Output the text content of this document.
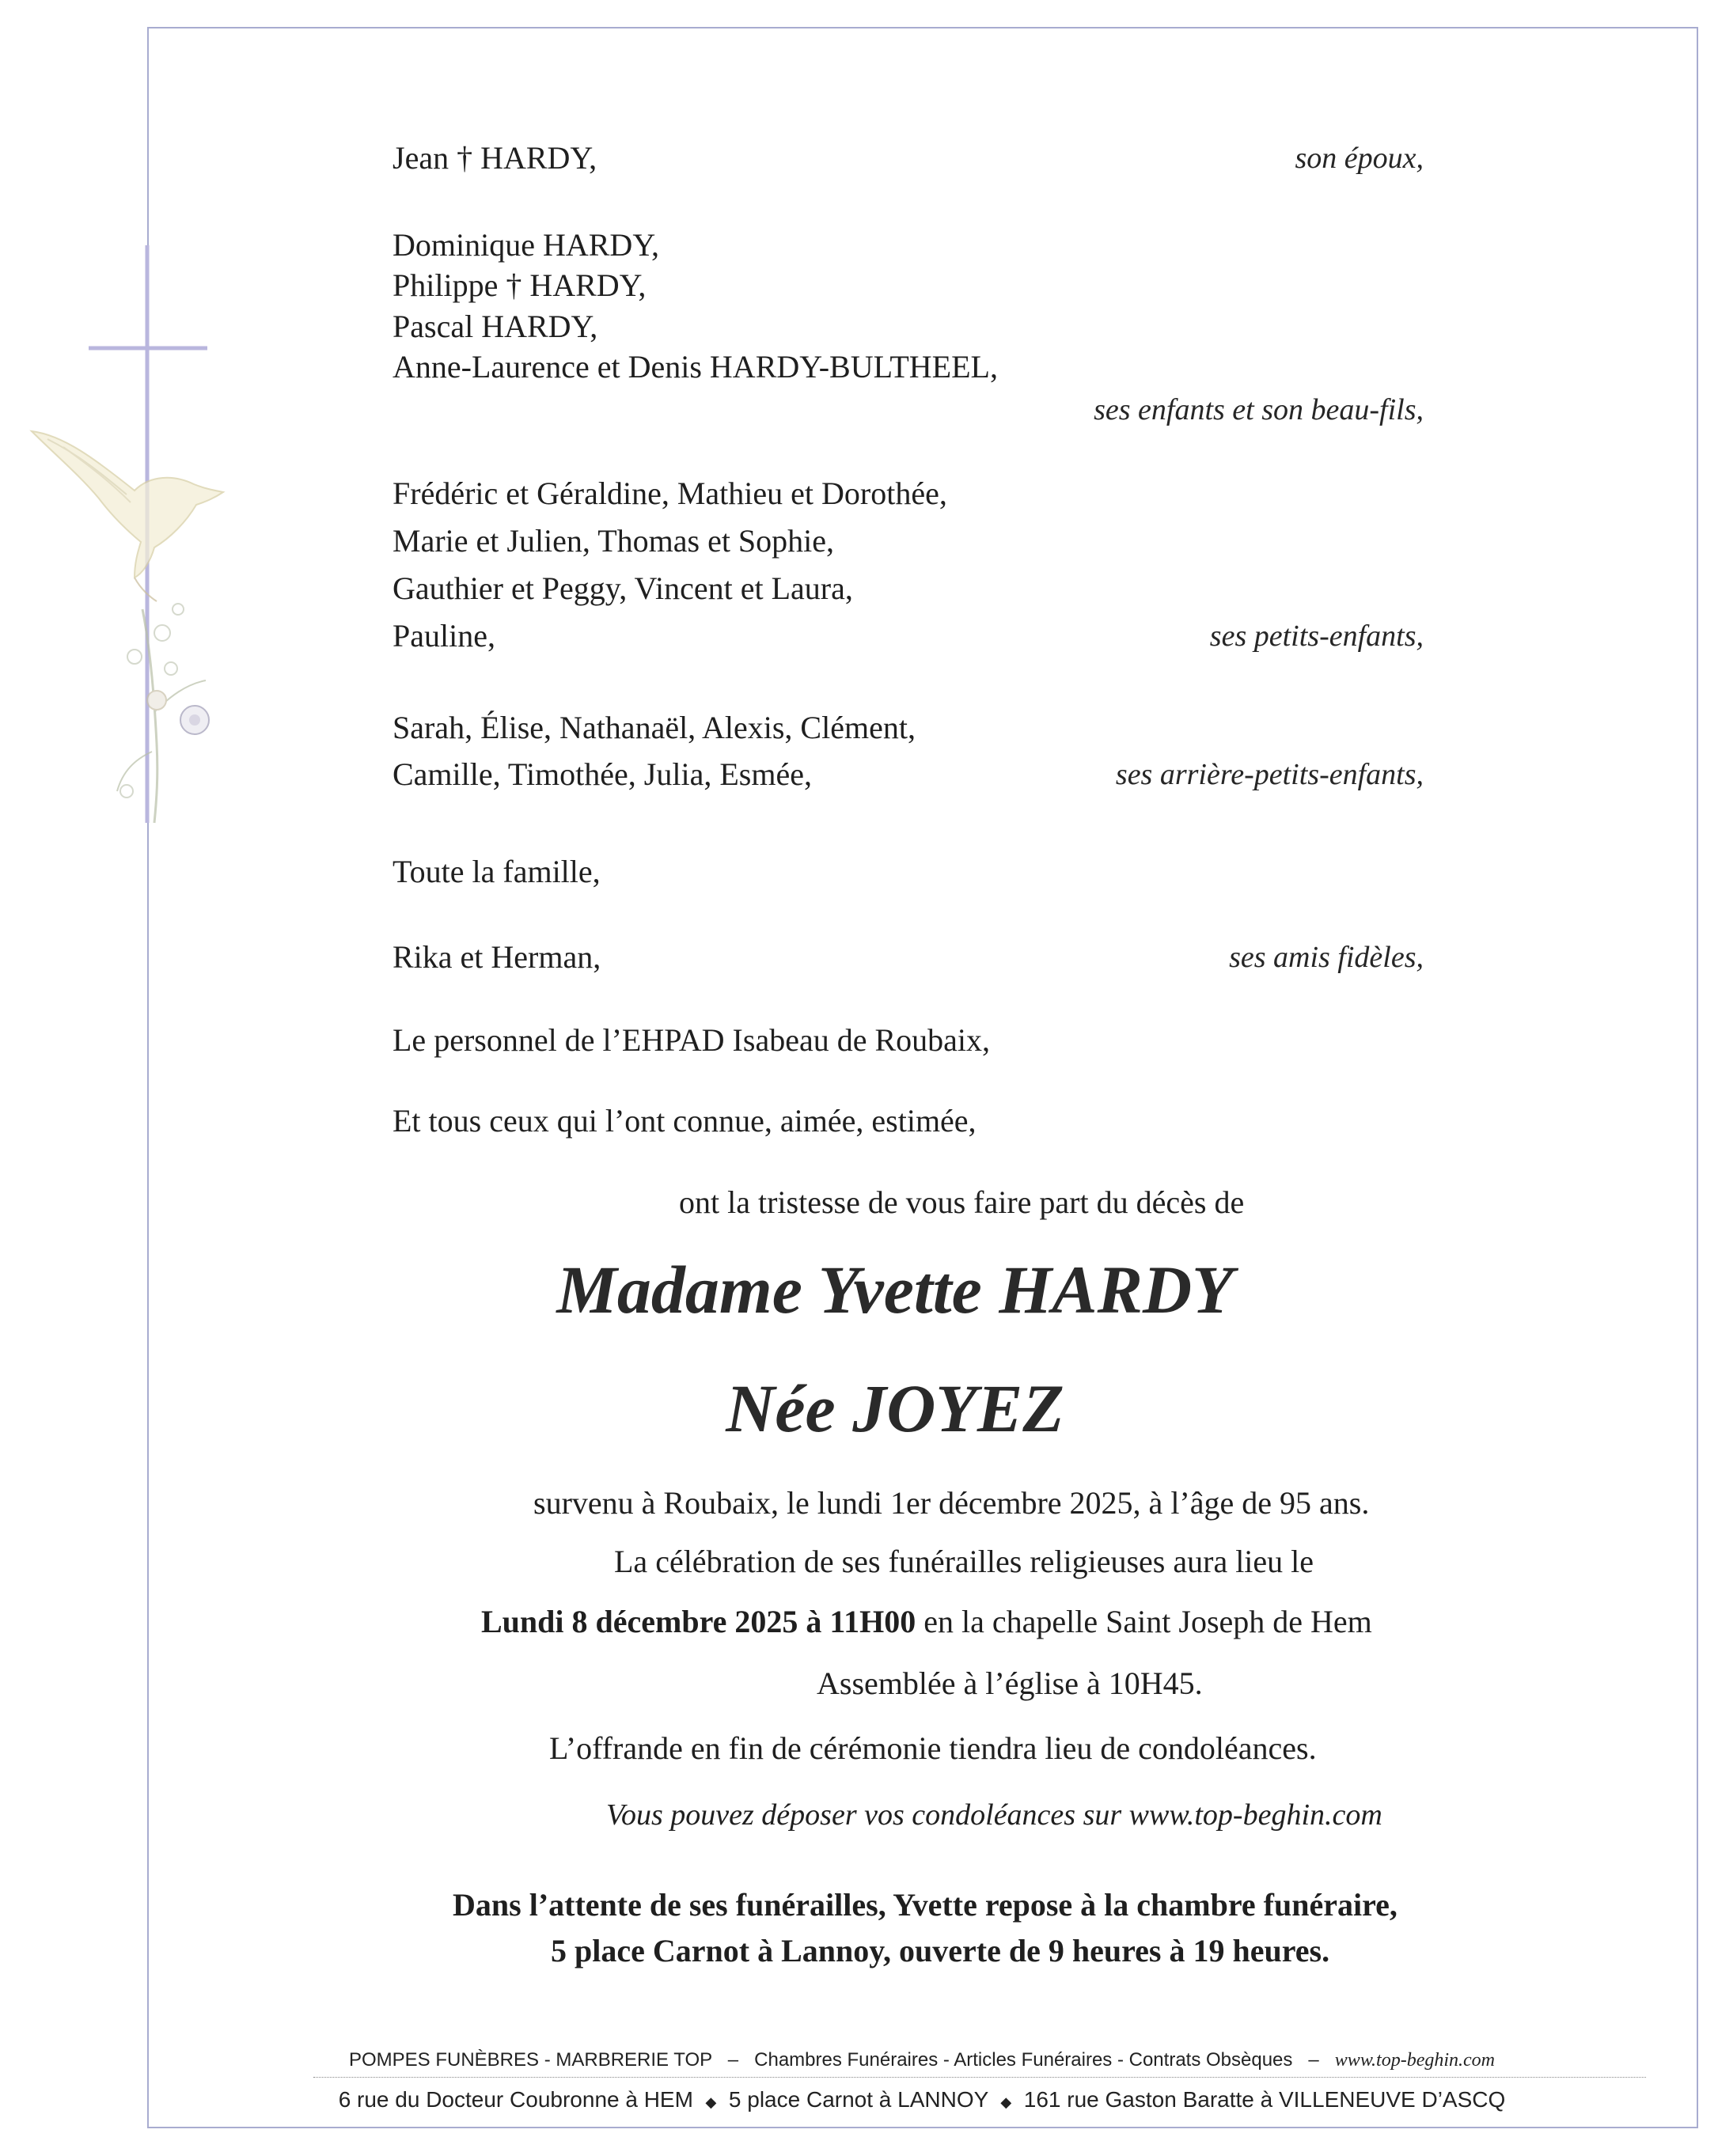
Jean † HARDY,	son époux,
Dominique HARDY,
Philippe † HARDY,
Pascal HARDY,
Anne-Laurence et Denis HARDY-BULTHEEL,
ses enfants et son beau-fils,
Frédéric et Géraldine, Mathieu et Dorothée,
Marie et Julien, Thomas et Sophie,
Gauthier et Peggy, Vincent et Laura,
Pauline,	ses petits-enfants,
Sarah, Élise, Nathanaël, Alexis, Clément,
Camille, Timothée, Julia, Esmée,	ses arrière-petits-enfants,
Toute la famille,
Rika et Herman,	ses amis fidèles,
Le personnel de l’EHPAD Isabeau de Roubaix,
Et tous ceux qui l’ont connue, aimée, estimée,
ont la tristesse de vous faire part du décès de
Madame Yvette HARDY
Née JOYEZ
survenu à Roubaix, le lundi 1er décembre 2025, à l’âge de 95 ans.
La célébration de ses funérailles religieuses aura lieu le
Lundi 8 décembre 2025 à 11H00 en la chapelle Saint Joseph de Hem
Assemblée à l’église à 10H45.
L’offrande en fin de cérémonie tiendra lieu de condoléances.
Vous pouvez déposer vos condoléances sur www.top-beghin.com
Dans l’attente de ses funérailles, Yvette repose à la chambre funéraire,
5 place Carnot à Lannoy, ouverte de 9 heures à 19 heures.
POMPES FUNÈBRES - MARBRERIE TOP – Chambres Funéraires - Articles Funéraires - Contrats Obsèques – www.top-beghin.com
6 rue du Docteur Coubronne à HEM ◆ 5 place Carnot à LANNOY ◆ 161 rue Gaston Baratte à VILLENEUVE D’ASCQ
